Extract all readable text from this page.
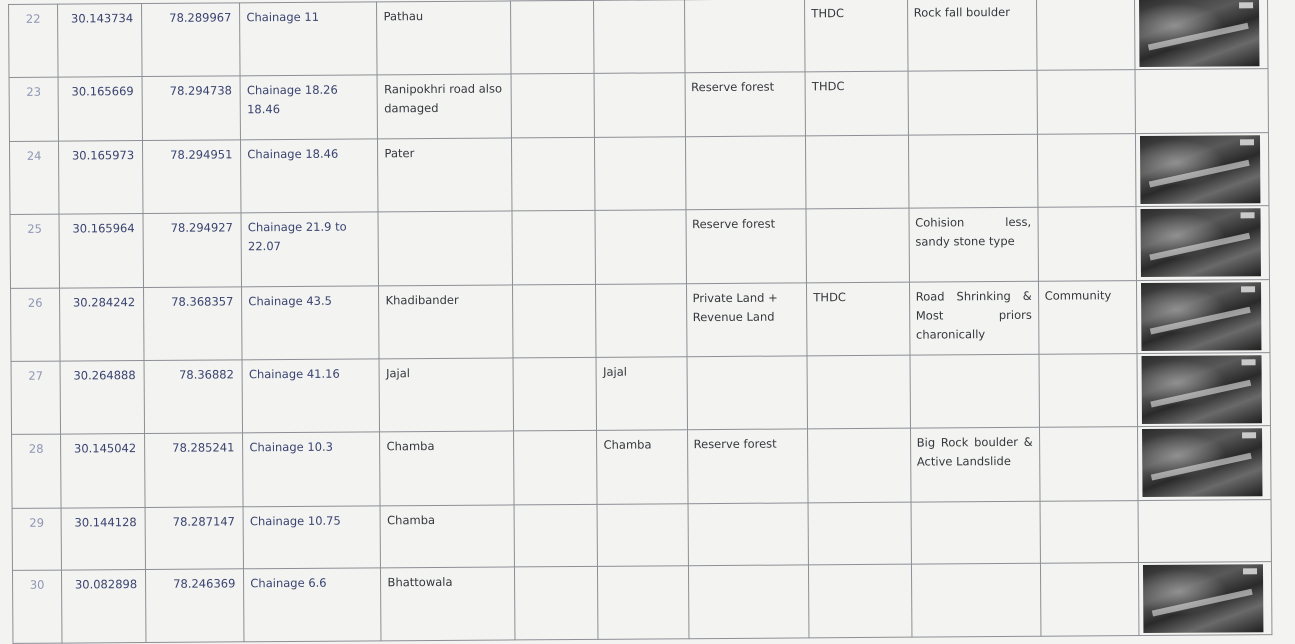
22	30.143734	78.289967	Chainage 11	Pathau				THDC	Rock fall boulder		

23	30.165669	78.294738	Chainage 18.26 18.46	Ranipokhri road also damaged			Reserve forest	THDC			
24	30.165973	78.294951	Chainage 18.46	Pater							

25	30.165964	78.294927	Chainage 21.9 to 22.07				Reserve forest		Cohision less, sandy stone type		

26	30.284242	78.368357	Chainage 43.5	Khadibander			Private Land + Revenue Land	THDC	Road Shrinking & Most priors charonically	Community	

27	30.264888	78.36882	Chainage 41.16	Jajal		Jajal					

28	30.145042	78.285241	Chainage 10.3	Chamba		Chamba	Reserve forest		Big Rock boulder & Active Landslide		

29	30.144128	78.287147	Chainage 10.75	Chamba							
30	30.082898	78.246369	Chainage 6.6	Bhattowala							
